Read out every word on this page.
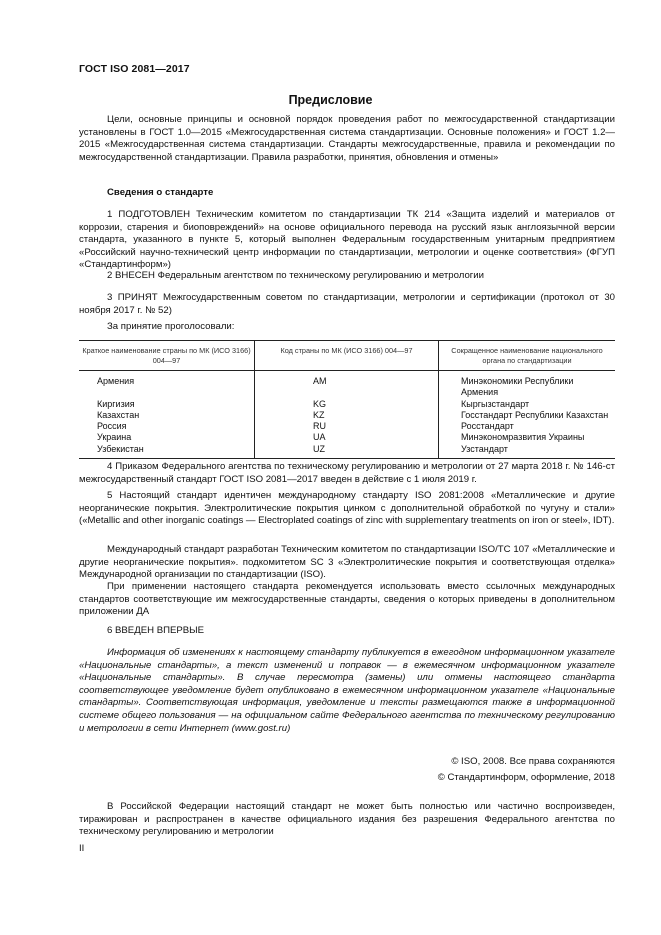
ГОСТ ISO 2081—2017
Предисловие
Цели, основные принципы и основной порядок проведения работ по межгосударственной стандартизации установлены в ГОСТ 1.0—2015 «Межгосударственная система стандартизации. Основные положения» и ГОСТ 1.2—2015 «Межгосударственная система стандартизации. Стандарты межгосударственные, правила и рекомендации по межгосударственной стандартизации. Правила разработки, принятия, обновления и отмены»
Сведения о стандарте
1 ПОДГОТОВЛЕН Техническим комитетом по стандартизации ТК 214 «Защита изделий и материалов от коррозии, старения и биоповреждений» на основе официального перевода на русский язык англоязычной версии стандарта, указанного в пункте 5, который выполнен Федеральным государственным унитарным предприятием «Российский научно-технический центр информации по стандартизации, метрологии и оценке соответствия» (ФГУП «Стандартинформ»)
2 ВНЕСЕН Федеральным агентством по техническому регулированию и метрологии
3 ПРИНЯТ Межгосударственным советом по стандартизации, метрологии и сертификации (протокол от 30 ноября 2017 г. № 52)
За принятие проголосовали:
Краткое наименование страны по МК (ИСО 3166) 004—97	Код страны по МК (ИСО 3166) 004—97	Сокращенное наименование национального органа по стандартизации
Армения	AM	Минэкономики Республики Армения
Киргизия	KG	Кыргызстандарт
Казахстан	KZ	Госстандарт Республики Казахстан
Россия	RU	Росстандарт
Украина	UA	Минэкономразвития Украины
Узбекистан	UZ	Узстандарт
4 Приказом Федерального агентства по техническому регулированию и метрологии от 27 марта 2018 г. № 146-ст межгосударственный стандарт ГОСТ ISO 2081—2017 введен в действие с 1 июля 2019 г.
5 Настоящий стандарт идентичен международному стандарту ISO 2081:2008 «Металлические и другие неорганические покрытия. Электролитические покрытия цинком с дополнительной обработкой по чугуну и стали» («Metallic and other inorganic coatings — Electroplated coatings of zinc with supplementary treatments on iron or steel», IDT).
Международный стандарт разработан Техническим комитетом по стандартизации ISO/TC 107 «Металлические и другие неорганические покрытия». подкомитетом SC 3 «Электролитические покрытия и соответствующая отделка» Международной организации по стандартизации (ISO).
При применении настоящего стандарта рекомендуется использовать вместо ссылочных международных стандартов соответствующие им межгосударственные стандарты, сведения о которых приведены в дополнительном приложении ДА
6 ВВЕДЕН ВПЕРВЫЕ
Информация об изменениях к настоящему стандарту публикуется в ежегодном информационном указателе «Национальные стандарты», а текст изменений и поправок — в ежемесячном информационном указателе «Национальные стандарты». В случае пересмотра (замены) или отмены настоящего стандарта соответствующее уведомление будет опубликовано в ежемесячном информационном указателе «Национальные стандарты». Соответствующая информация, уведомление и тексты размещаются также в информационной системе общего пользования — на официальном сайте Федерального агентства по техническому регулированию и метрологии в сети Интернет (www.gost.ru)
© ISO, 2008. Все права сохраняются
© Стандартинформ, оформление, 2018
В Российской Федерации настоящий стандарт не может быть полностью или частично воспроизведен, тиражирован и распространен в качестве официального издания без разрешения Федерального агентства по техническому регулированию и метрологии
II
